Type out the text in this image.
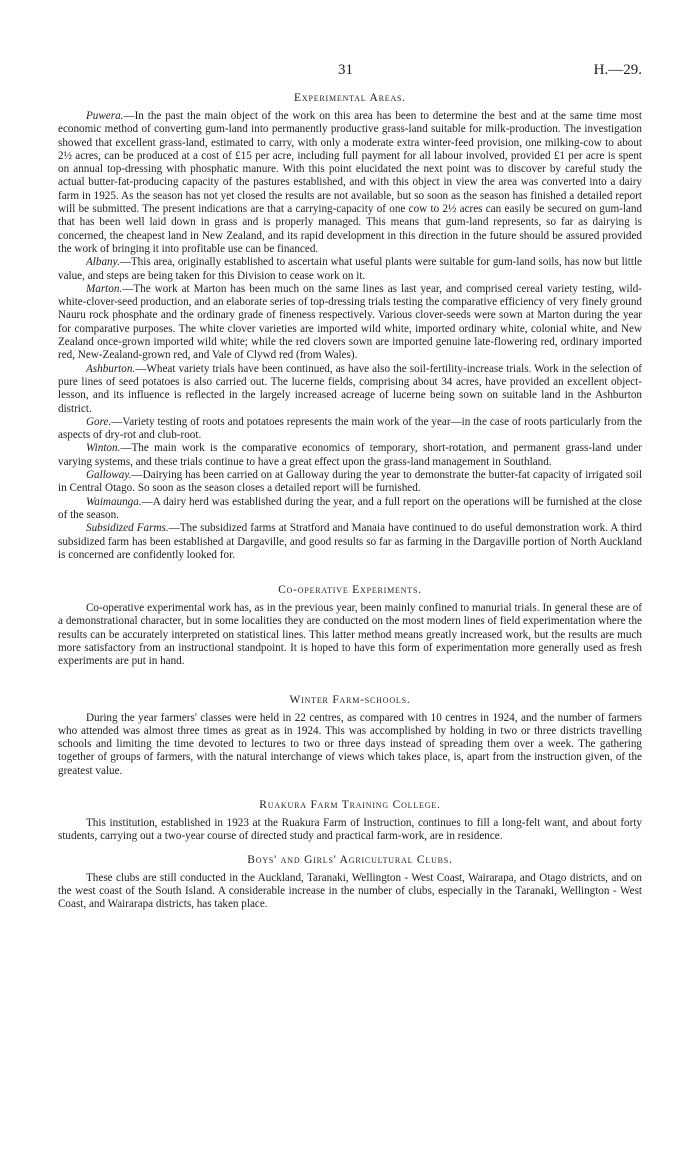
31	H.—29.
Experimental Areas.

Puwera.—In the past the main object of the work on this area has been to determine the best and at the same time most economic method of converting gum-land into permanently productive grass-land suitable for milk-production. The investigation showed that excellent grass-land, estimated to carry, with only a moderate extra winter-feed provision, one milking-cow to about 2½ acres, can be produced at a cost of £15 per acre, including full payment for all labour involved, provided £1 per acre is spent on annual top-dressing with phosphatic manure. With this point elucidated the next point was to discover by careful study the actual butter-fat-producing capacity of the pastures established, and with this object in view the area was converted into a dairy farm in 1925. As the season has not yet closed the results are not available, but so soon as the season has finished a detailed report will be submitted. The present indications are that a carrying-capacity of one cow to 2½ acres can easily be secured on gum-land that has been well laid down in grass and is properly managed. This means that gum-land represents, so far as dairying is concerned, the cheapest land in New Zealand, and its rapid development in this direction in the future should be assured provided the work of bringing it into profitable use can be financed.

Albany.—This area, originally established to ascertain what useful plants were suitable for gum-land soils, has now but little value, and steps are being taken for this Division to cease work on it.

Marton.—The work at Marton has been much on the same lines as last year, and comprised cereal variety testing, wild-white-clover-seed production, and an elaborate series of top-dressing trials testing the comparative efficiency of very finely ground Nauru rock phosphate and the ordinary grade of fineness respectively. Various clover-seeds were sown at Marton during the year for comparative purposes. The white clover varieties are imported wild white, imported ordinary white, colonial white, and New Zealand once-grown imported wild white; while the red clovers sown are imported genuine late-flowering red, ordinary imported red, New-Zealand-grown red, and Vale of Clywd red (from Wales).

Ashburton.—Wheat variety trials have been continued, as have also the soil-fertility-increase trials. Work in the selection of pure lines of seed potatoes is also carried out. The lucerne fields, comprising about 34 acres, have provided an excellent object-lesson, and its influence is reflected in the largely increased acreage of lucerne being sown on suitable land in the Ashburton district.

Gore.—Variety testing of roots and potatoes represents the main work of the year—in the case of roots particularly from the aspects of dry-rot and club-root.

Winton.—The main work is the comparative economics of temporary, short-rotation, and permanent grass-land under varying systems, and these trials continue to have a great effect upon the grass-land management in Southland.

Galloway.—Dairying has been carried on at Galloway during the year to demonstrate the butter-fat capacity of irrigated soil in Central Otago. So soon as the season closes a detailed report will be furnished.

Waimaunga.—A dairy herd was established during the year, and a full report on the operations will be furnished at the close of the season.

Subsidized Farms.—The subsidized farms at Stratford and Manaia have continued to do useful demonstration work. A third subsidized farm has been established at Dargaville, and good results so far as farming in the Dargaville portion of North Auckland is concerned are confidently looked for.

Co-operative Experiments.

Co-operative experimental work has, as in the previous year, been mainly confined to manurial trials. In general these are of a demonstrational character, but in some localities they are conducted on the most modern lines of field experimentation where the results can be accurately interpreted on statistical lines. This latter method means greatly increased work, but the results are much more satisfactory from an instructional standpoint. It is hoped to have this form of experimentation more generally used as fresh experiments are put in hand.

Winter Farm-schools.

During the year farmers' classes were held in 22 centres, as compared with 10 centres in 1924, and the number of farmers who attended was almost three times as great as in 1924. This was accomplished by holding in two or three districts travelling schools and limiting the time devoted to lectures to two or three days instead of spreading them over a week. The gathering together of groups of farmers, with the natural interchange of views which takes place, is, apart from the instruction given, of the greatest value.

Ruakura Farm Training College.

This institution, established in 1923 at the Ruakura Farm of Instruction, continues to fill a long-felt want, and about forty students, carrying out a two-year course of directed study and practical farm-work, are in residence.

Boys' and Girls' Agricultural Clubs.

These clubs are still conducted in the Auckland, Taranaki, Wellington - West Coast, Wairarapa, and Otago districts, and on the west coast of the South Island. A considerable increase in the number of clubs, especially in the Taranaki, Wellington - West Coast, and Wairarapa districts, has taken place.
